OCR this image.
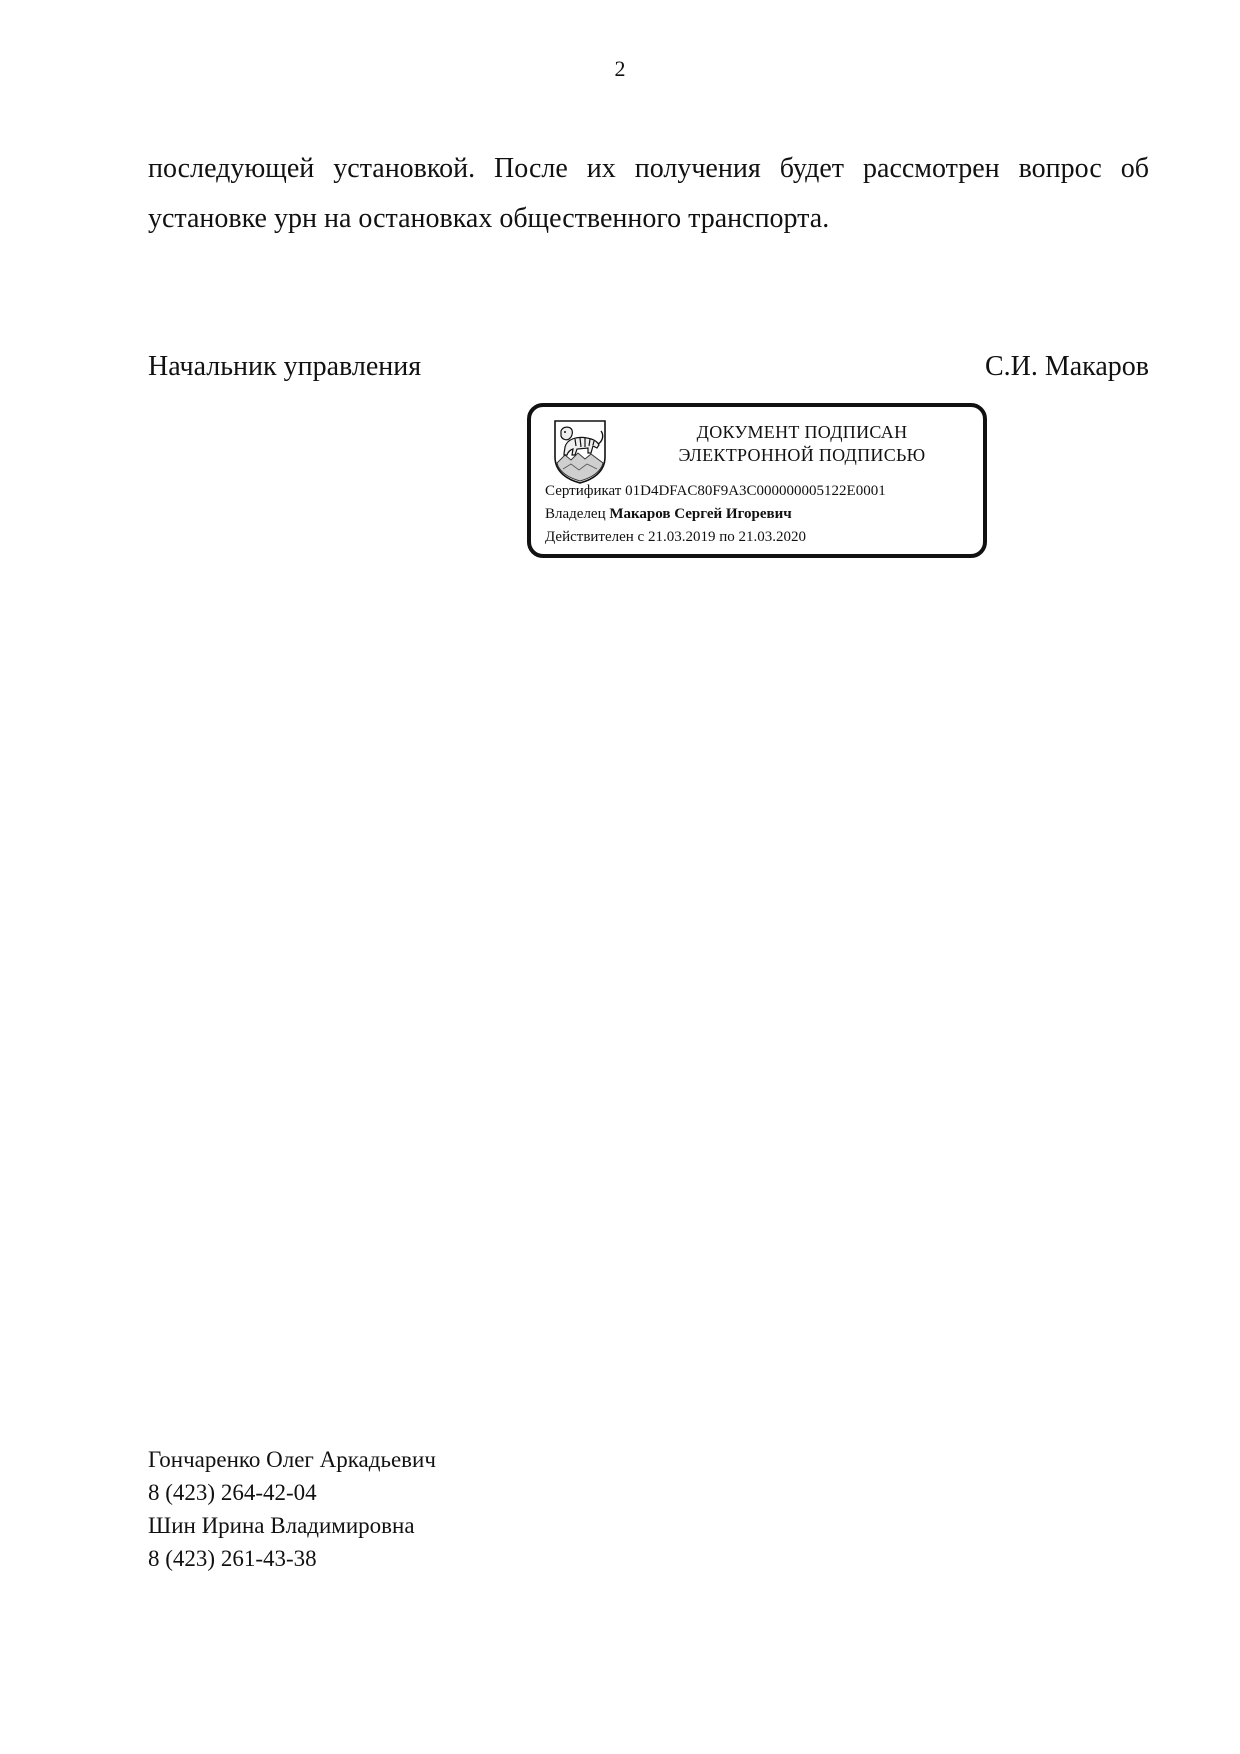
2
последующей установкой. После их получения будет рассмотрен вопрос об
установке урн на остановках общественного транспорта.
Начальник управления	С.И. Макаров
ДОКУМЕНТ ПОДПИСАН
ЭЛЕКТРОННОЙ ПОДПИСЬЮ
Сертификат 01D4DFAC80F9A3C000000005122E0001
Владелец Макаров Сергей Игоревич
Действителен с 21.03.2019 по 21.03.2020
Гончаренко Олег Аркадьевич
8 (423) 264-42-04
Шин Ирина Владимировна
8 (423) 261-43-38
